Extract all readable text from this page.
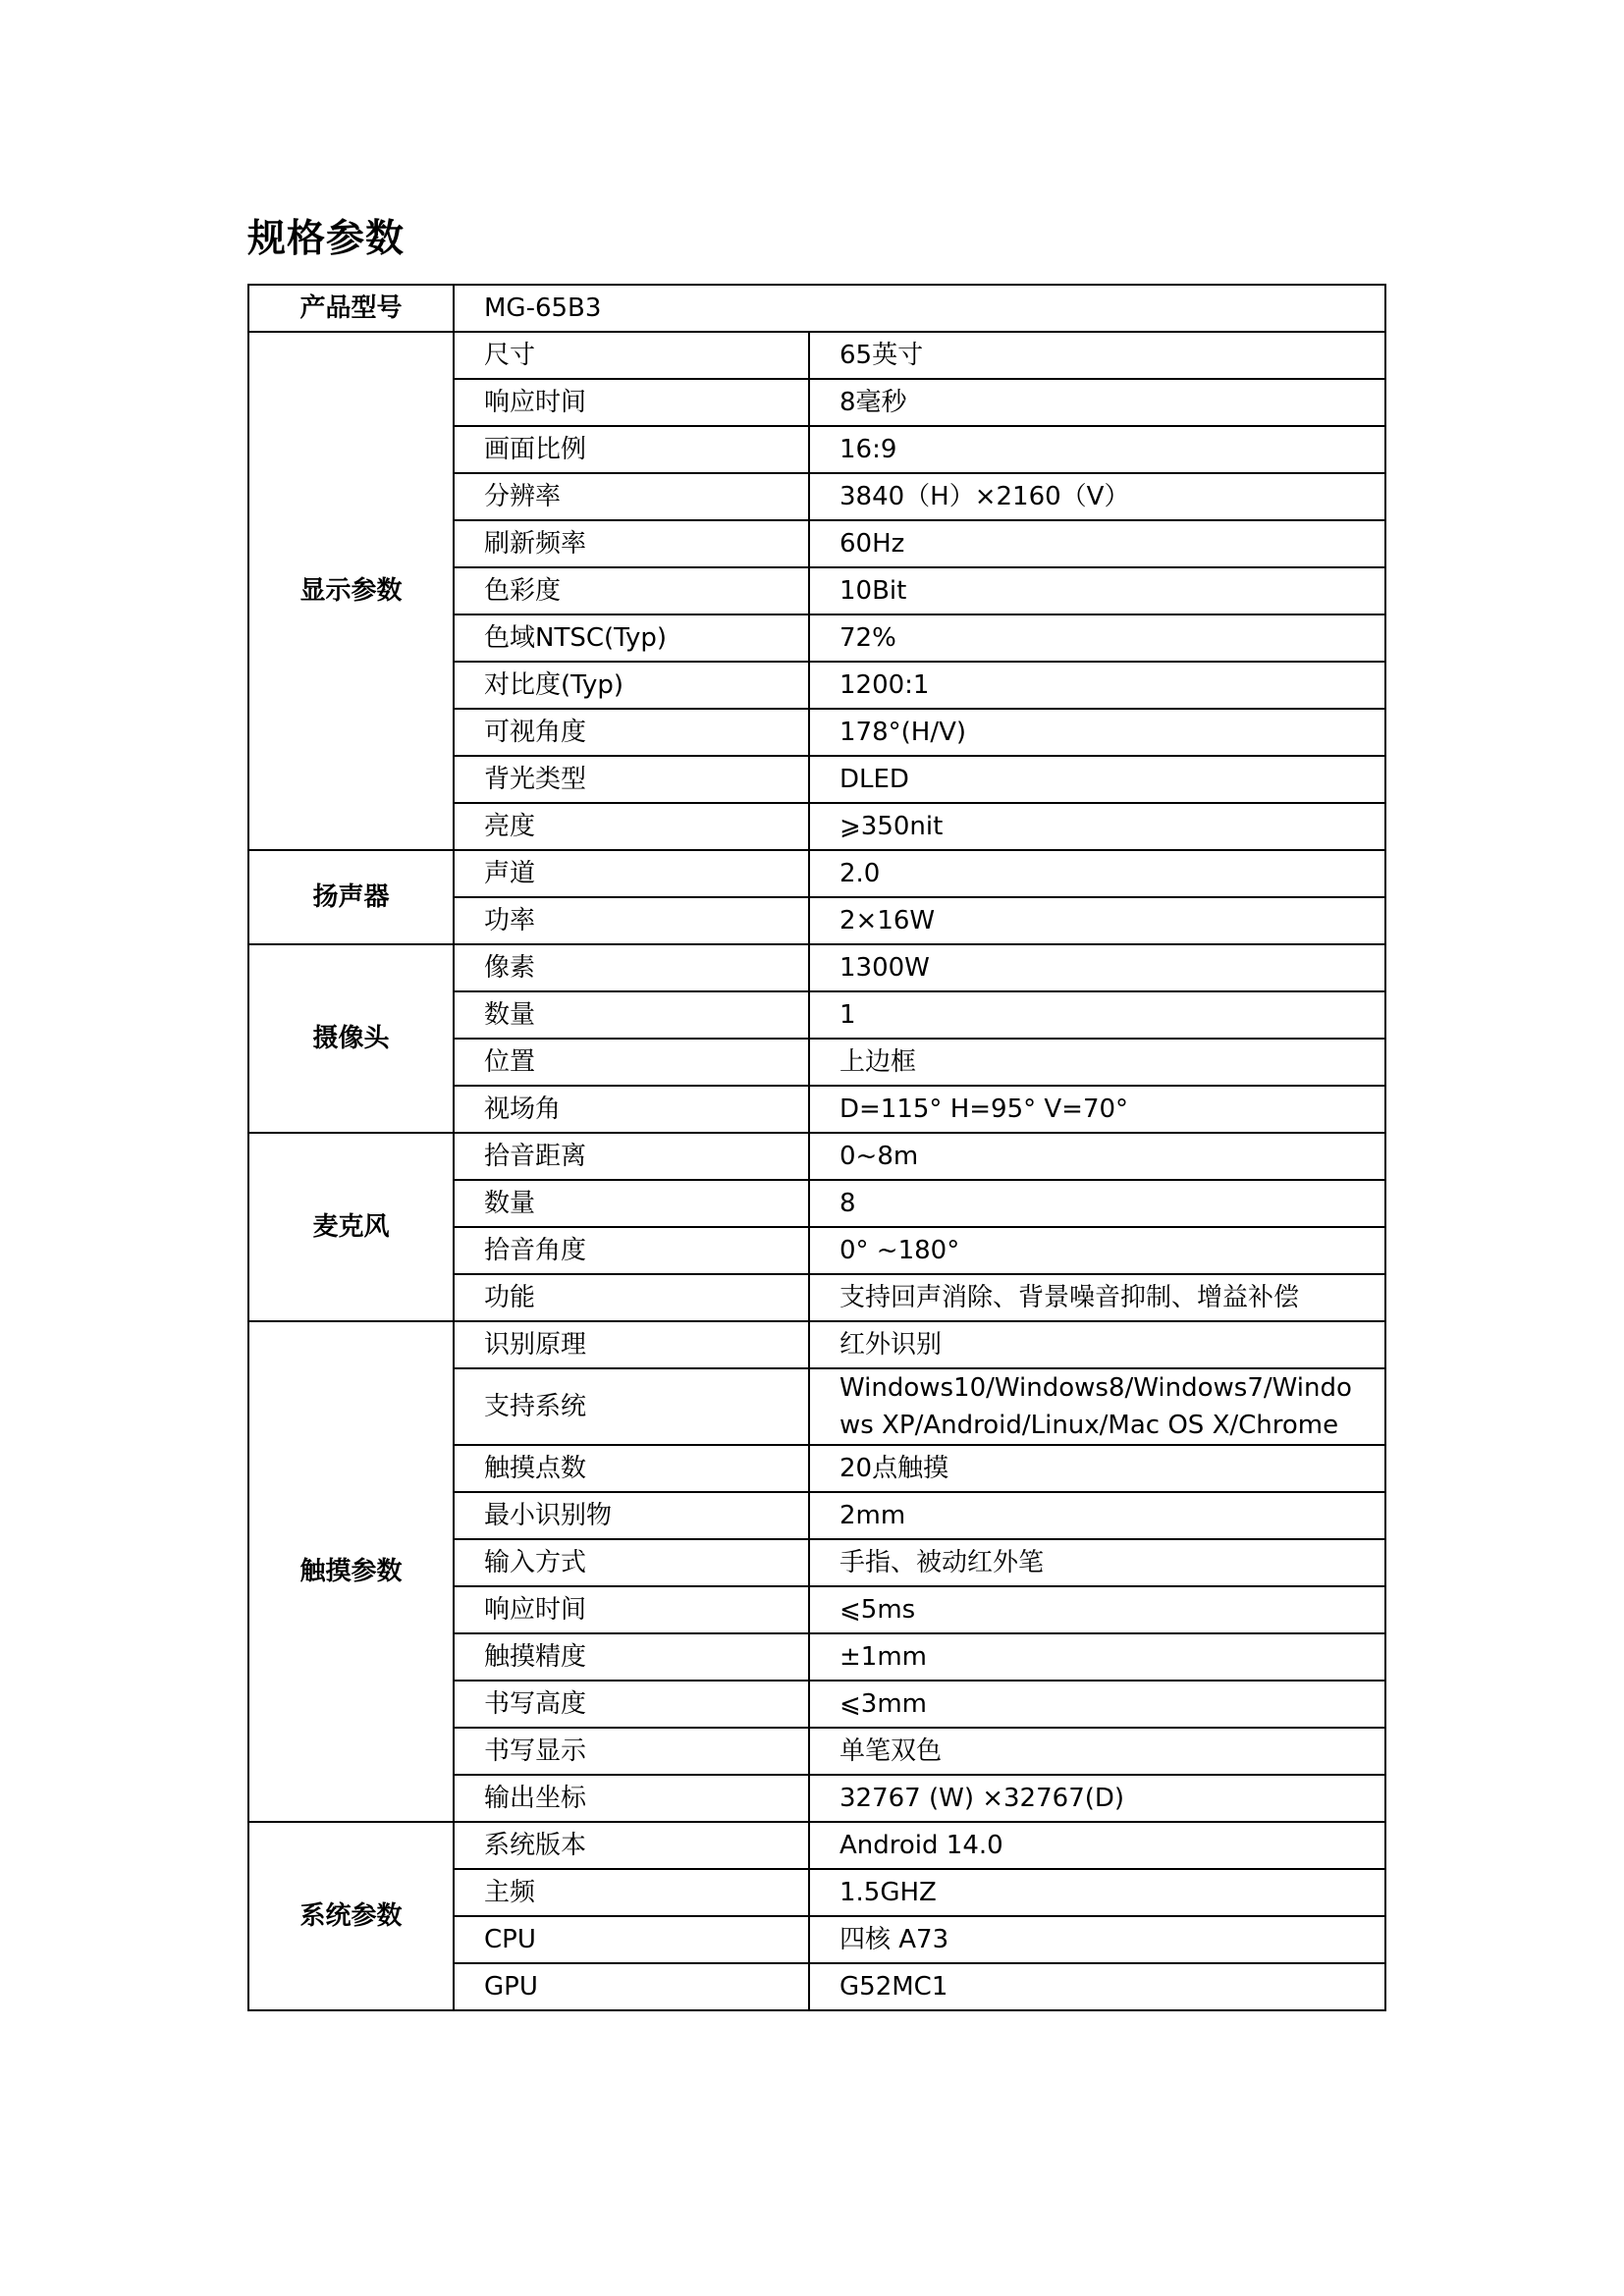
规格参数
产品型号	MG-65B3	
显示参数	尺寸	65英寸
	响应时间	8毫秒
	画面比例	16:9
	分辨率	3840（H）×2160（V）
	刷新频率	60Hz
	色彩度	10Bit
	色域NTSC(Typ)	72%
	对比度(Typ)	1200:1
	可视角度	178°(H/V)
	背光类型	DLED
	亮度	⩾350nit
扬声器	声道	2.0
	功率	2×16W
摄像头	像素	1300W
	数量	1
	位置	上边框
	视场角	D=115° H=95° V=70°
麦克风	拾音距离	0~8m
	数量	8
	拾音角度	0° ~180°
	功能	支持回声消除、背景噪音抑制、增益补偿
触摸参数	识别原理	红外识别
	支持系统	Windows10/Windows8/Windows7/Windows XP/Android/Linux/Mac OS X/Chrome
	触摸点数	20点触摸
	最小识别物	2mm
	输入方式	手指、被动红外笔
	响应时间	⩽5ms
	触摸精度	±1mm
	书写高度	⩽3mm
	书写显示	单笔双色
	输出坐标	32767 (W) ×32767(D)
系统参数	系统版本	Android 14.0
	主频	1.5GHZ
	CPU	四核 A73
	GPU	G52MC1
